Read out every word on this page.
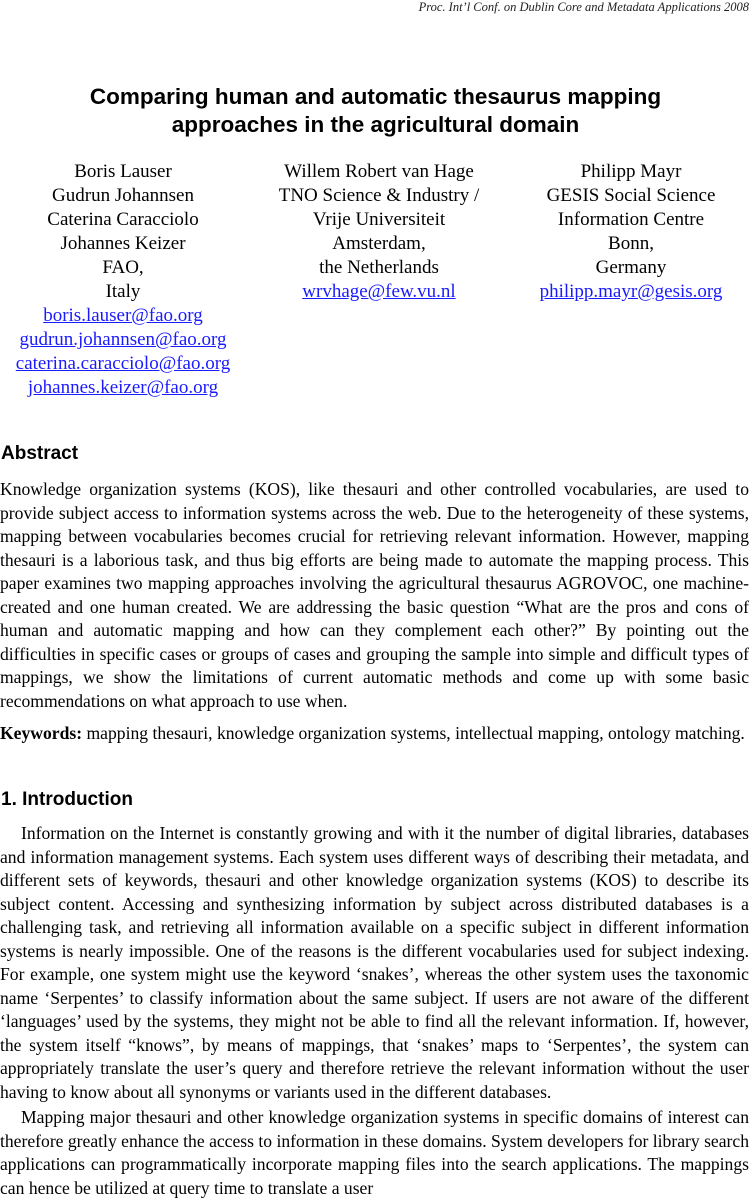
Proc. Int’l Conf. on Dublin Core and Metadata Applications 2008
Comparing human and automatic thesaurus mapping
approaches in the agricultural domain
Boris Lauser
Gudrun Johannsen
Caterina Caracciolo
Johannes Keizer
FAO,
Italy
boris.lauser@fao.org
gudrun.johannsen@fao.org
caterina.caracciolo@fao.org
johannes.keizer@fao.org
Willem Robert van Hage
TNO Science & Industry /
Vrije Universiteit
Amsterdam,
the Netherlands
wrvhage@few.vu.nl
Philipp Mayr
GESIS Social Science
Information Centre
Bonn,
Germany
philipp.mayr@gesis.org
Abstract

Knowledge organization systems (KOS), like thesauri and other controlled vocabularies, are used to provide subject access to information systems across the web. Due to the heterogeneity of these systems, mapping between vocabularies becomes crucial for retrieving relevant information. However, mapping thesauri is a laborious task, and thus big efforts are being made to automate the mapping process. This paper examines two mapping approaches involving the agricultural thesaurus AGROVOC, one machine-created and one human created. We are addressing the basic question “What are the pros and cons of human and automatic mapping and how can they complement each other?” By pointing out the difficulties in specific cases or groups of cases and grouping the sample into simple and difficult types of mappings, we show the limitations of current automatic methods and come up with some basic recommendations on what approach to use when.

Keywords: mapping thesauri, knowledge organization systems, intellectual mapping, ontology matching.

1. Introduction

Information on the Internet is constantly growing and with it the number of digital libraries, databases and information management systems. Each system uses different ways of describing their metadata, and different sets of keywords, thesauri and other knowledge organization systems (KOS) to describe its subject content. Accessing and synthesizing information by subject across distributed databases is a challenging task, and retrieving all information available on a specific subject in different information systems is nearly impossible. One of the reasons is the different vocabularies used for subject indexing. For example, one system might use the keyword ‘snakes’, whereas the other system uses the taxonomic name ‘Serpentes’ to classify information about the same subject. If users are not aware of the different ‘languages’ used by the systems, they might not be able to find all the relevant information. If, however, the system itself “knows”, by means of mappings, that ‘snakes’ maps to ‘Serpentes’, the system can appropriately translate the user’s query and therefore retrieve the relevant information without the user having to know about all synonyms or variants used in the different databases.

Mapping major thesauri and other knowledge organization systems in specific domains of interest can therefore greatly enhance the access to information in these domains. System developers for library search applications can programmatically incorporate mapping files into the search applications. The mappings can hence be utilized at query time to translate a user
